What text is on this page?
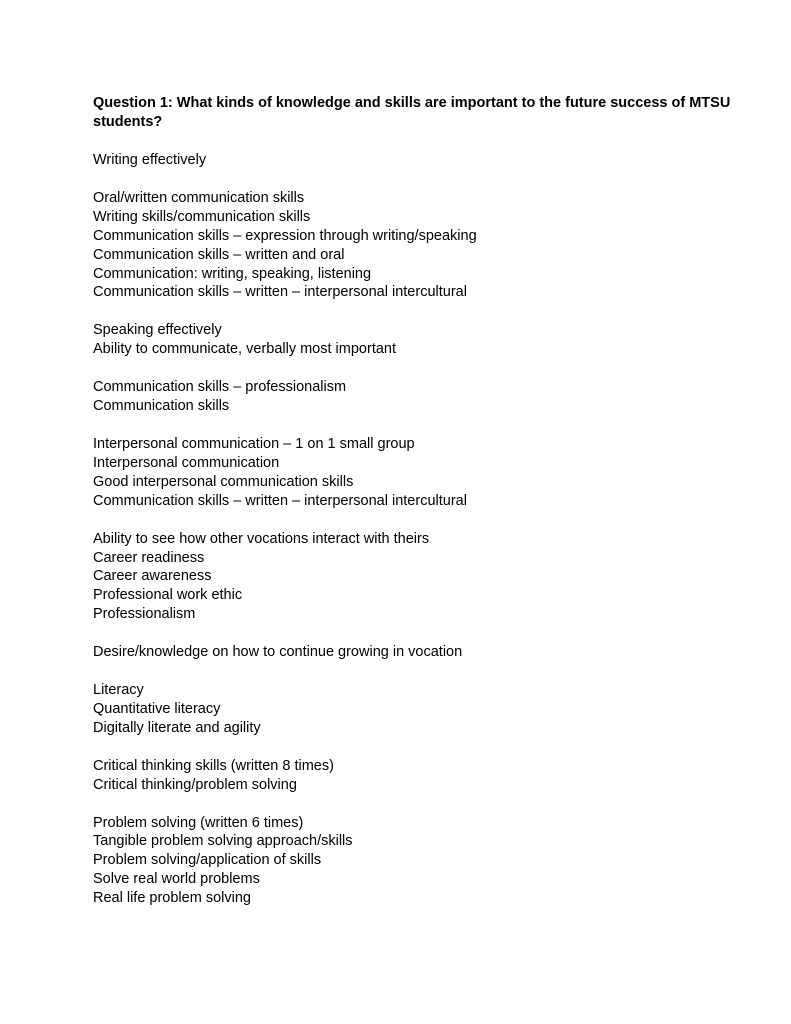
Question 1: What kinds of knowledge and skills are important to the future success of MTSU students?
Writing effectively
Oral/written communication skills
Writing skills/communication skills
Communication skills – expression through writing/speaking
Communication skills – written and oral
Communication: writing, speaking, listening
Communication skills – written – interpersonal intercultural
Speaking effectively
Ability to communicate, verbally most important
Communication skills – professionalism
Communication skills
Interpersonal communication – 1 on 1 small group
Interpersonal communication
Good interpersonal communication skills
Communication skills – written – interpersonal intercultural
Ability to see how other vocations interact with theirs
Career readiness
Career awareness
Professional work ethic
Professionalism
Desire/knowledge on how to continue growing in vocation
Literacy
Quantitative literacy
Digitally literate and agility
Critical thinking skills (written 8 times)
Critical thinking/problem solving
Problem solving (written 6 times)
Tangible problem solving approach/skills
Problem solving/application of skills
Solve real world problems
Real life problem solving
